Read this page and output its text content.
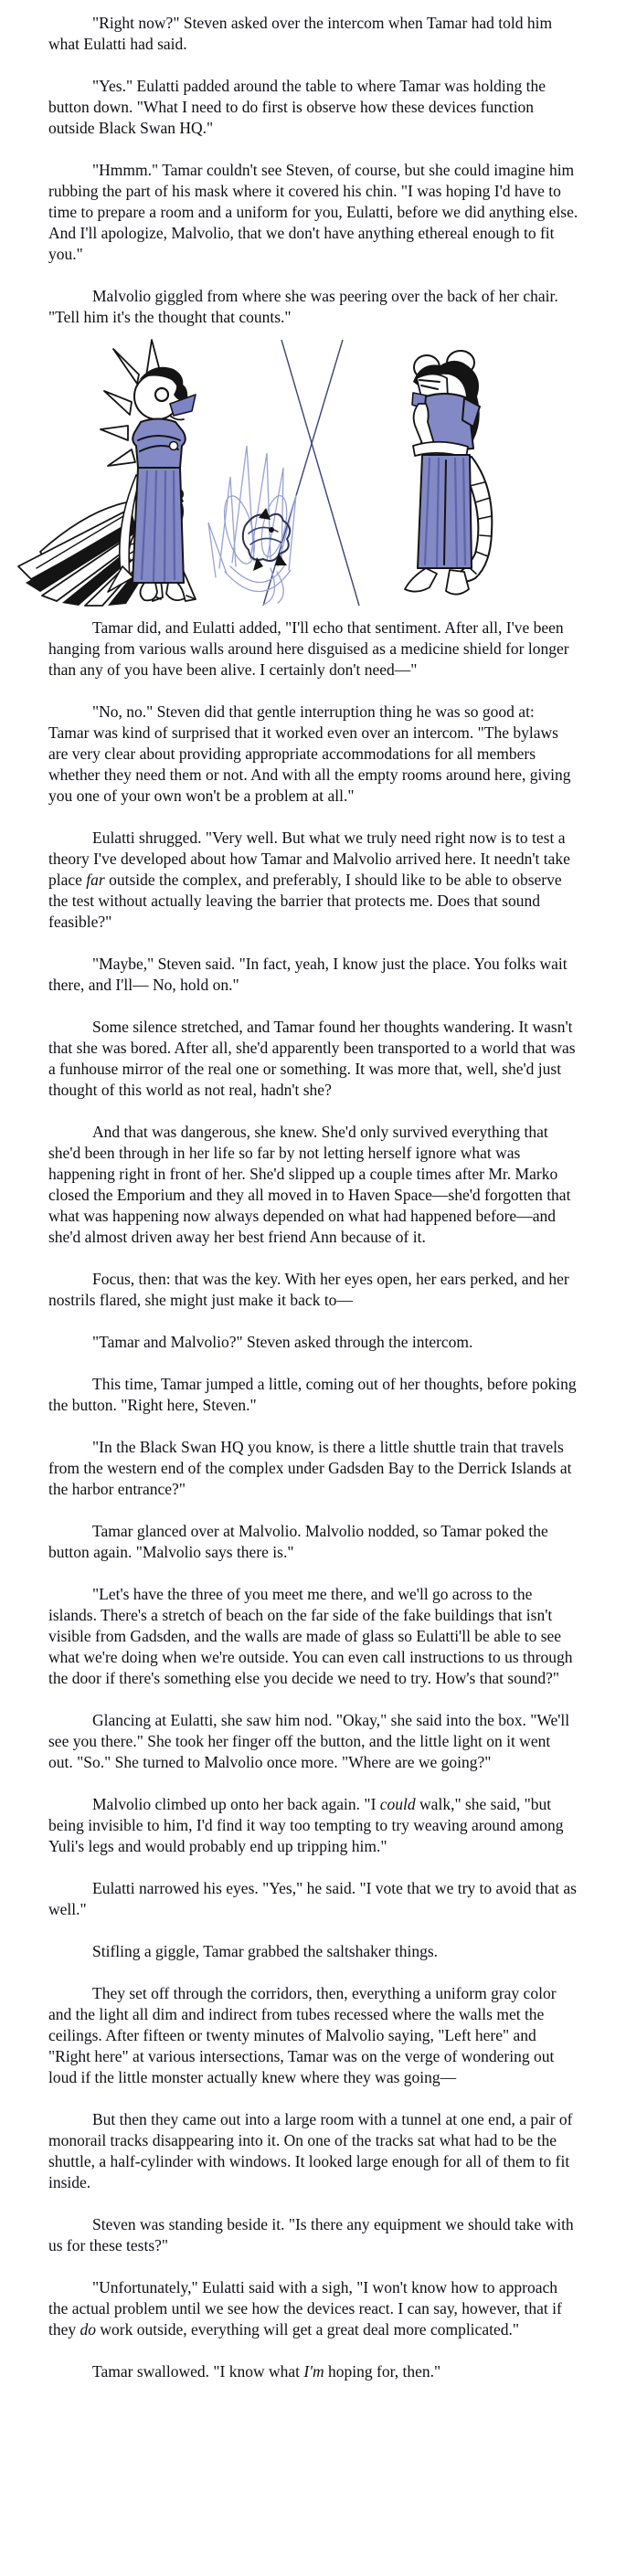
"Right now?" Steven asked over the intercom when Tamar had told him what Eulatti had said.

"Yes." Eulatti padded around the table to where Tamar was holding the button down. "What I need to do first is observe how these devices function outside Black Swan HQ."

"Hmmm." Tamar couldn't see Steven, of course, but she could imagine him rubbing the part of his mask where it covered his chin. "I was hoping I'd have to time to prepare a room and a uniform for you, Eulatti, before we did anything else. And I'll apologize, Malvolio, that we don't have anything ethereal enough to fit you."

Malvolio giggled from where she was peering over the back of her chair. "Tell him it's the thought that counts."

Tamar did, and Eulatti added, "I'll echo that sentiment. After all, I've been hanging from various walls around here disguised as a medicine shield for longer than any of you have been alive. I certainly don't need—"

"No, no." Steven did that gentle interruption thing he was so good at: Tamar was kind of surprised that it worked even over an intercom. "The bylaws are very clear about providing appropriate accommodations for all members whether they need them or not. And with all the empty rooms around here, giving you one of your own won't be a problem at all."

Eulatti shrugged. "Very well. But what we truly need right now is to test a theory I've developed about how Tamar and Malvolio arrived here. It needn't take place far outside the complex, and preferably, I should like to be able to observe the test without actually leaving the barrier that protects me. Does that sound feasible?"

"Maybe," Steven said. "In fact, yeah, I know just the place. You folks wait there, and I'll— No, hold on."

Some silence stretched, and Tamar found her thoughts wandering. It wasn't that she was bored. After all, she'd apparently been transported to a world that was a funhouse mirror of the real one or something. It was more that, well, she'd just thought of this world as not real, hadn't she?

And that was dangerous, she knew. She'd only survived everything that she'd been through in her life so far by not letting herself ignore what was happening right in front of her. She'd slipped up a couple times after Mr. Marko closed the Emporium and they all moved in to Haven Space—she'd forgotten that what was happening now always depended on what had happened before—and she'd almost driven away her best friend Ann because of it.

Focus, then: that was the key. With her eyes open, her ears perked, and her nostrils flared, she might just make it back to—

"Tamar and Malvolio?" Steven asked through the intercom.

This time, Tamar jumped a little, coming out of her thoughts, before poking the button. "Right here, Steven."

"In the Black Swan HQ you know, is there a little shuttle train that travels from the western end of the complex under Gadsden Bay to the Derrick Islands at the harbor entrance?"

Tamar glanced over at Malvolio. Malvolio nodded, so Tamar poked the button again. "Malvolio says there is."

"Let's have the three of you meet me there, and we'll go across to the islands. There's a stretch of beach on the far side of the fake buildings that isn't visible from Gadsden, and the walls are made of glass so Eulatti'll be able to see what we're doing when we're outside. You can even call instructions to us through the door if there's something else you decide we need to try. How's that sound?"

Glancing at Eulatti, she saw him nod. "Okay," she said into the box. "We'll see you there." She took her finger off the button, and the little light on it went out. "So." She turned to Malvolio once more. "Where are we going?"

Malvolio climbed up onto her back again. "I could walk," she said, "but being invisible to him, I'd find it way too tempting to try weaving around among Yuli's legs and would probably end up tripping him."

Eulatti narrowed his eyes. "Yes," he said. "I vote that we try to avoid that as well."

Stifling a giggle, Tamar grabbed the saltshaker things.

They set off through the corridors, then, everything a uniform gray color and the light all dim and indirect from tubes recessed where the walls met the ceilings. After fifteen or twenty minutes of Malvolio saying, "Left here" and "Right here" at various intersections, Tamar was on the verge of wondering out loud if the little monster actually knew where they was going—

But then they came out into a large room with a tunnel at one end, a pair of monorail tracks disappearing into it. On one of the tracks sat what had to be the shuttle, a half-cylinder with windows. It looked large enough for all of them to fit inside.

Steven was standing beside it. "Is there any equipment we should take with us for these tests?"

"Unfortunately," Eulatti said with a sigh, "I won't know how to approach the actual problem until we see how the devices react. I can say, however, that if they do work outside, everything will get a great deal more complicated."

Tamar swallowed. "I know what I'm hoping for, then."
